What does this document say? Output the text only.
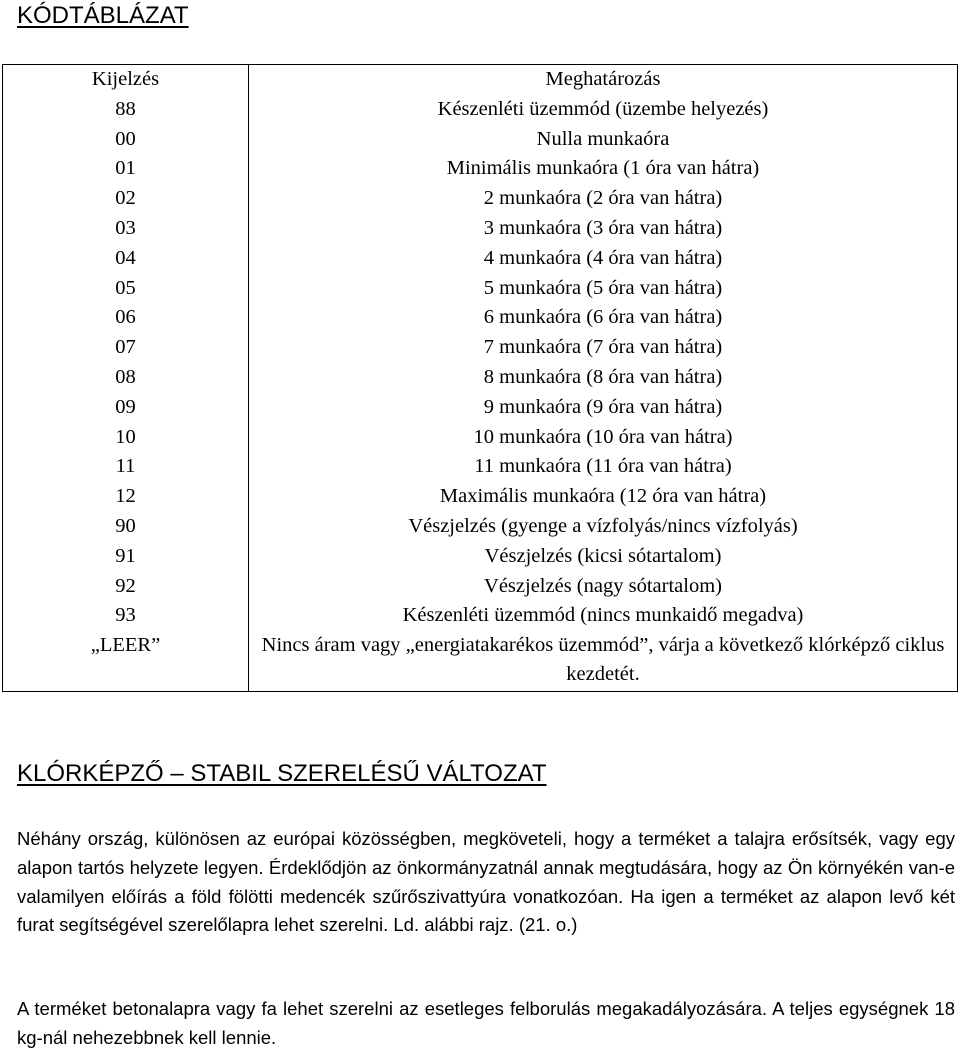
KÓDTÁBLÁZAT
Kijelzés	Meghatározás
88	Készenléti üzemmód (üzembe helyezés)
00	Nulla munkaóra
01	Minimális munkaóra (1 óra van hátra)
02	2 munkaóra (2 óra van hátra)
03	3 munkaóra (3 óra van hátra)
04	4 munkaóra (4 óra van hátra)
05	5 munkaóra (5 óra van hátra)
06	6 munkaóra (6 óra van hátra)
07	7 munkaóra (7 óra van hátra)
08	8 munkaóra (8 óra van hátra)
09	9 munkaóra (9 óra van hátra)
10	10 munkaóra (10 óra van hátra)
11	11 munkaóra (11 óra van hátra)
12	Maximális munkaóra (12 óra van hátra)
90	Vészjelzés (gyenge a vízfolyás/nincs vízfolyás)
91	Vészjelzés (kicsi sótartalom)
92	Vészjelzés (nagy sótartalom)
93	Készenléti üzemmód (nincs munkaidő megadva)
„LEER”	Nincs áram vagy „energiatakarékos üzemmód”, várja a következő klórképző ciklus kezdetét.
KLÓRKÉPZŐ – STABIL SZERELÉSŰ VÁLTOZAT

Néhány ország, különösen az európai közösségben, megköveteli, hogy a terméket a talajra erősítsék, vagy egy alapon tartós helyzete legyen. Érdeklődjön az önkormányzatnál annak megtudására, hogy az Ön környékén van-e valamilyen előírás a föld fölötti medencék szűrőszivattyúra vonatkozóan. Ha igen a terméket az alapon levő két furat segítségével szerelőlapra lehet szerelni. Ld. alábbi rajz. (21. o.)

A terméket betonalapra vagy fa lehet szerelni az esetleges felborulás megakadályozására. A teljes egységnek 18 kg-nál nehezebbnek kell lennie.
